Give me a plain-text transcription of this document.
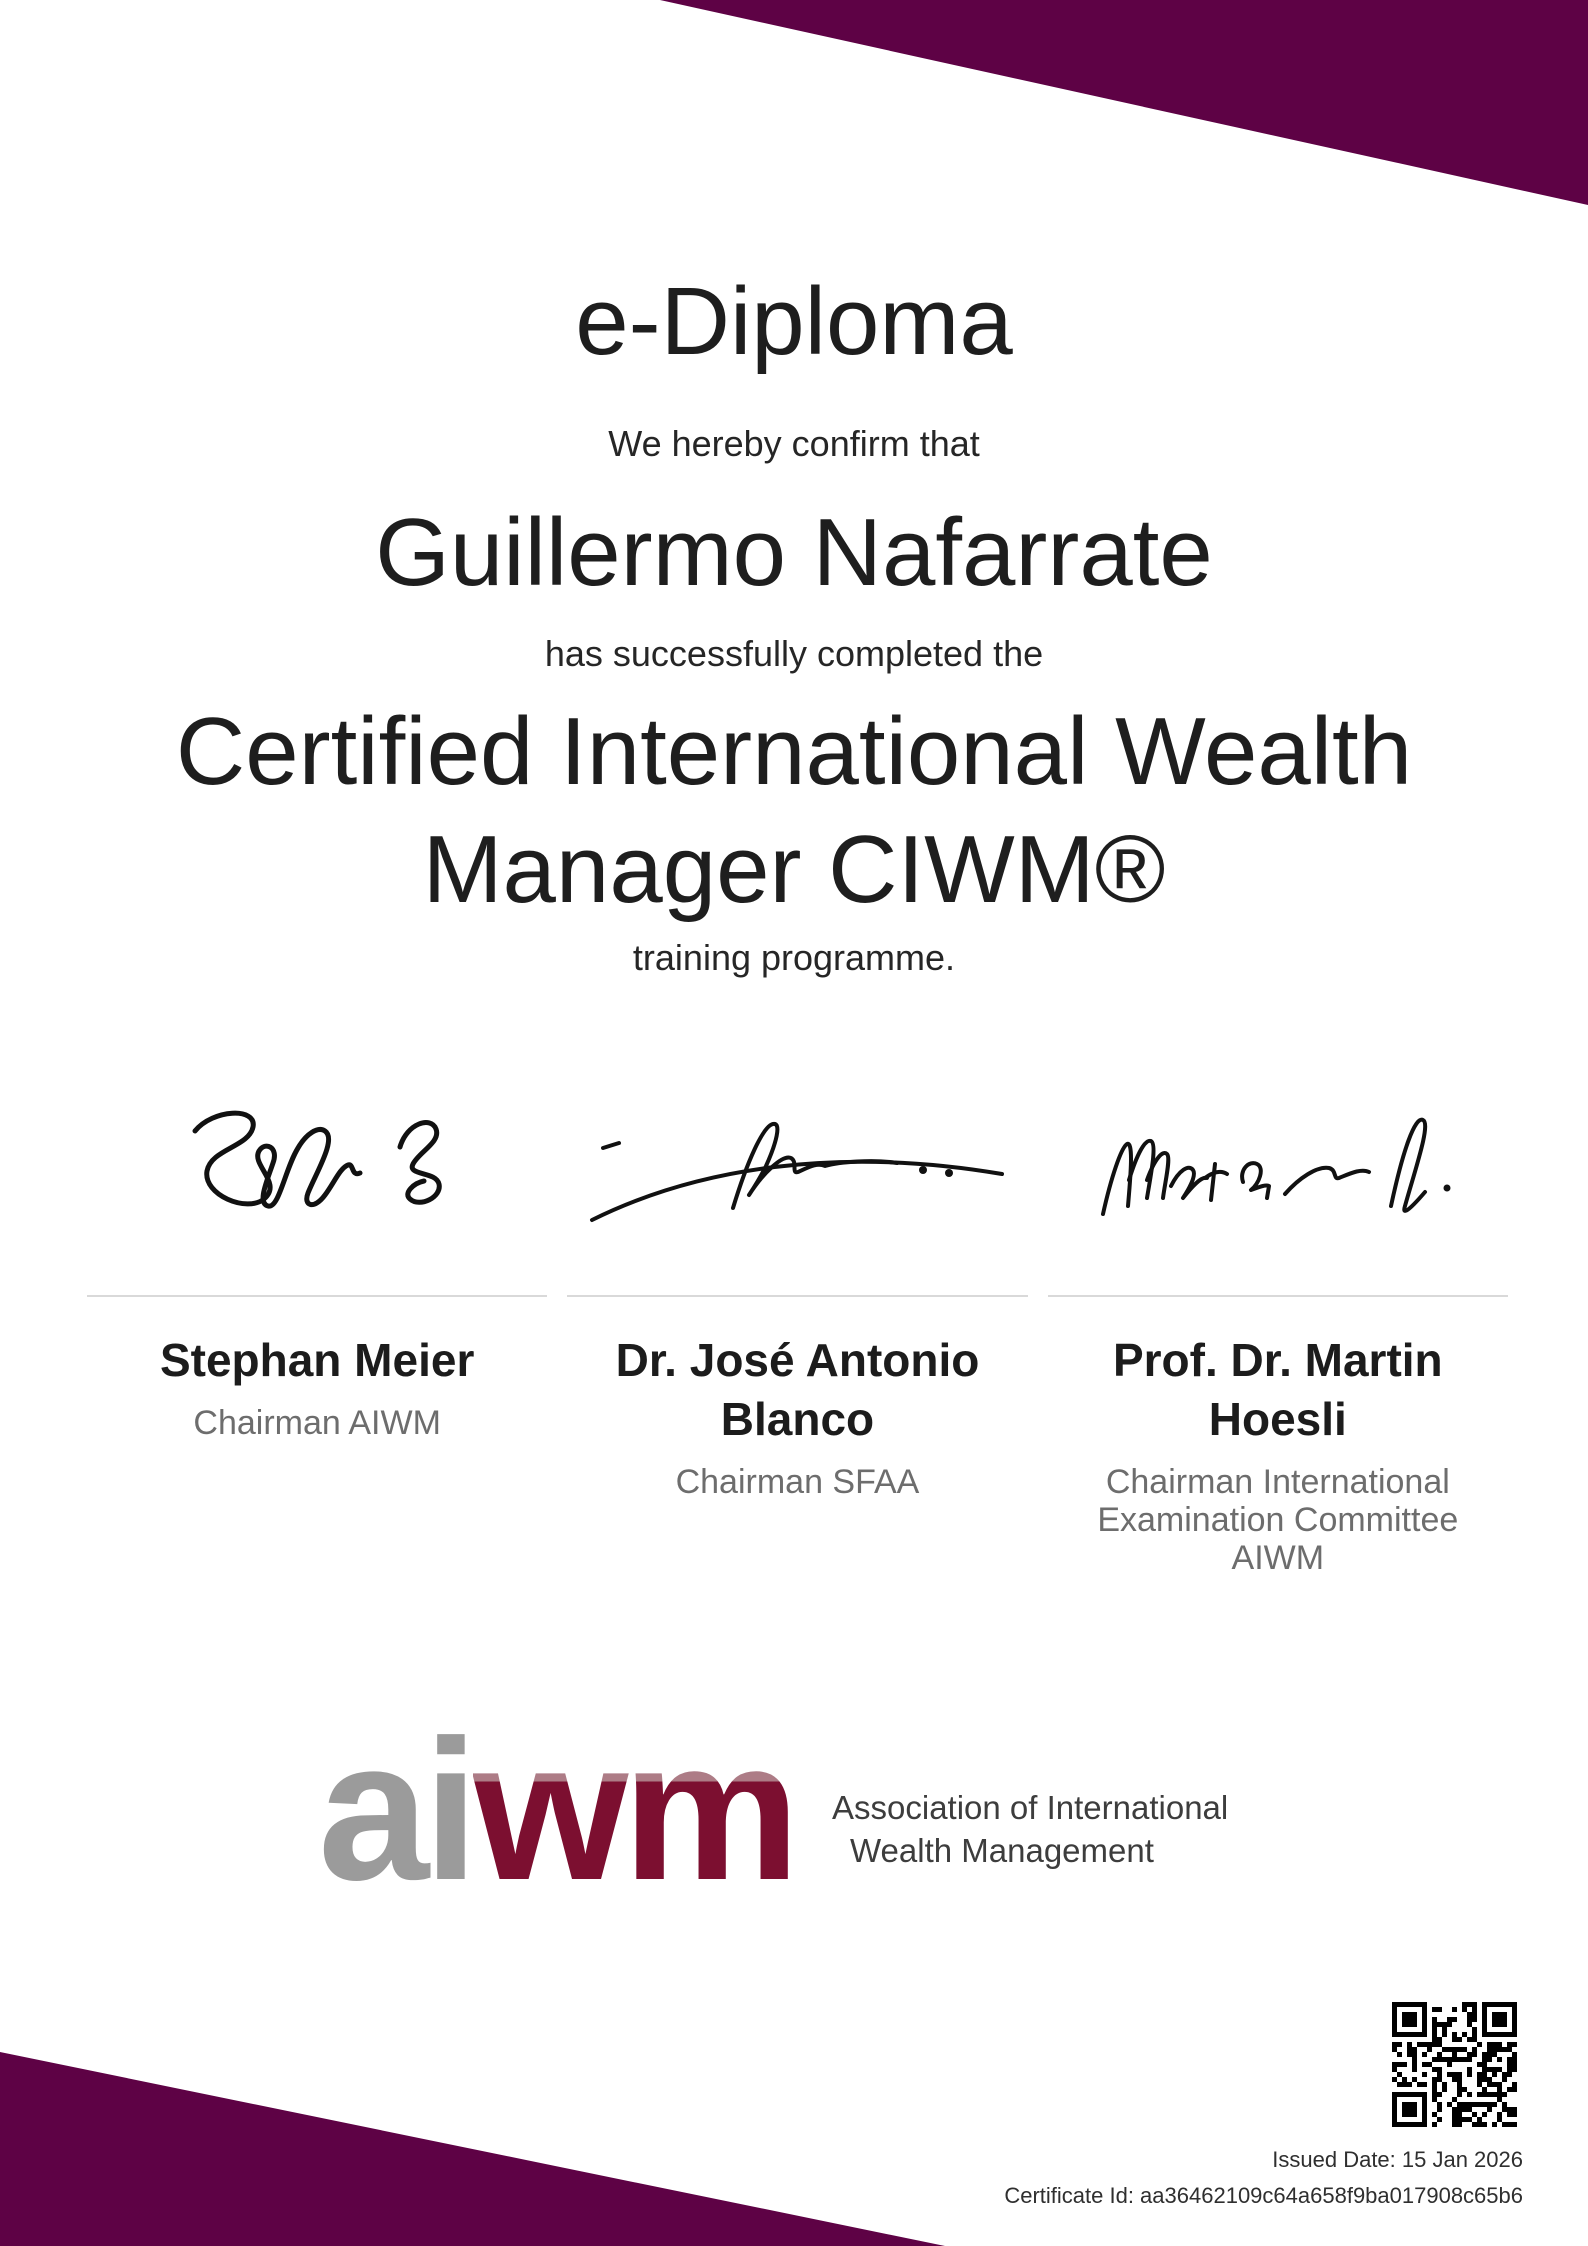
e-Diploma

We hereby confirm that

Guillermo Nafarrate

has successfully completed the

Certified International Wealth Manager CIWM®

training programme.

Stephan Meier
Chairman AIWM
Dr. José Antonio Blanco
Chairman SFAA
Prof. Dr. Martin Hoesli
Chairman International Examination Committee AIWM
aiwm Association of International
Wealth Management
Issued Date: 15 Jan 2026
Certificate Id: aa36462109c64a658f9ba017908c65b6
